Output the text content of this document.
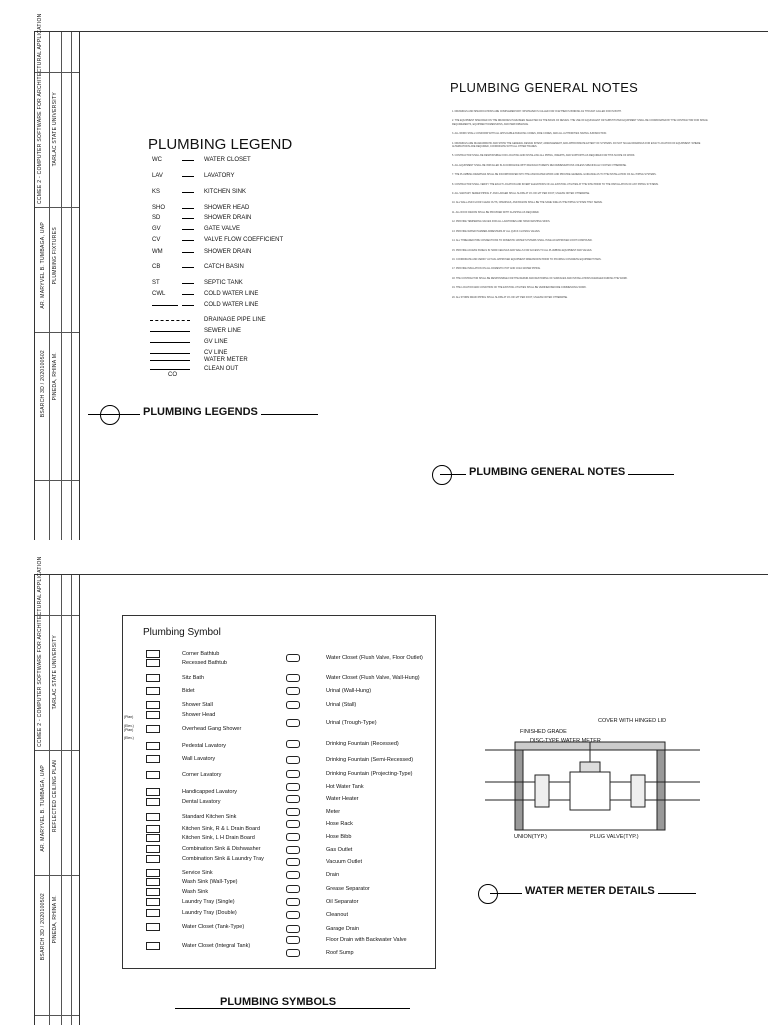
CCMEE 2 - COMPUTER SOFTWARE FOR ARCHITECTURAL APPLICATION TARLAC STATE UNIVERSITY
PLUMBING FIXTURES
AR. MARYVEL B. TUMBAGA, UAP
PINEDA, RHINA M.
BSARCH 3D / 2020100502
PLUMBING LEGEND
WC	WATER CLOSET
LAV	LAVATORY
KS	KITCHEN SINK
SHO	SHOWER HEAD
SD	SHOWER DRAIN
GV	GATE VALVE
CV	VALVE FLOW COEFFICIENT
WM	SHOWER DRAIN
CB	CATCH BASIN
ST	SEPTIC TANK
CWL	COLD WATER LINE
COLD WATER LINE
PLUMBING LEGENDS
PLUMBING GENERAL NOTES
1. DRAWINGS AND SPECIFICATIONS ARE COMPLEMENTARY. WHATEVER IS CALLED FOR IN EITHER IS BINDING AS THOUGH CALLED FOR IN BOTH.
2. THE EQUIPMENT SPECIFIED ON THE DRAWINGS HAVE BEEN SELECTED AS THE BASIS OF DESIGN. THE USE OF EQUIVALENT OR SUBSTITUTED EQUIPMENT SHALL BE COORDINATED BY THE CONTRACTOR FOR SPACE REQUIREMENTS, EQUIPMENT DIMENSIONS, AND PERFORMANCE.
3. ALL WORK SHALL CONFORM WITH ALL APPLICABLE BUILDING CODES, FIRE CODES, AND ALL AUTHORITIES HAVING JURISDICTION.
4. DRAWINGS ARE DIAGRAMMATIC AND SHOW THE GENERAL DESIGN INTENT, ARRANGEMENT, AND APPROXIMATE EXTENT OF SYSTEMS. DO NOT SCALE DRAWINGS FOR EXACT LOCATION OF EQUIPMENT. WHERE ALTERNATIONS ARE REQUIRED, COORDINATE WITH ALL OTHER TRADES.
5. CONTRACTOR SHALL BE RESPONSIBLE FOR LOCATING AND INSTALLING ALL PIPING, INSERTS, AND SUPPORTS AS REQUIRED FOR THIS SCOPE OF WORK.
6. ALL EQUIPMENT SHALL BE INSTALLED IN ACCORDANCE WITH MANUFACTURER'S RECOMMENDATIONS UNLESS SPECIFICALLY NOTED OTHERWISE.
7. THE PLUMBING DRAWINGS SHALL BE INCORPORATED INTO THE ASSOCIATED WORK AND PROVIDE GENERAL GUIDANCE AS TO THE INSTALLATION OF ALL PIPING SYSTEMS.
8. CONTRACTOR SHALL VERIFY THE EXACT LOCATION AND INVERT ELEVATIONS OF ALL EXISTING UTILITIES AT THE SITE PRIOR TO THE INSTALLATION OF ANY PIPING SYSTEMS.
9. ALL SANITARY SEWER PIPING 3" AND LARGER SHALL SLOPE AT 1% OR 1/8" PER FOOT, UNLESS NOTED OTHERWISE.
10. ALL WALL AND FLOOR CLEAN OUTS, OPENINGS, AND BASINS SHALL BE THE SAME SIZE AS THE PIPING SYSTEM THEY SERVE.
11. ALL ROOF DRAINS SHALL BE PROVIDED WITH FLASHING AS REQUIRED.
12. PROVIDE TEMPERING VALVES FOR ALL LAVATORIES AND HAND WASHING SINKS.
13. PROVIDE WATER HAMMER ARRESTERS AT ALL QUICK CLOSING VALVES.
14. ALL THREADED PIPE CONNECTIONS TO DOMESTIC WATER SYSTEMS SHALL HAVE AN APPROVED JOINT COMPOUND.
15. PROVIDE ACCESS PANELS IN HARD CEILINGS AND WALLS FOR ACCESS TO ALL PLUMBING EQUIPMENT AND VALVES.
16. COORDINATE AND VERIFY ACTUAL APPROVED EQUIPMENT DIMENSIONS PRIOR TO POURING CONCRETE EQUIPMENT PADS.
17. PROVIDE INSULATION ON ALL DOMESTIC HOT AND COLD WATER PIPING.
18. THE CONTRACTOR SHALL BE RESPONSIBLE FOR THE REPAIR AND RESTORING OF SURFACES AND INSTALLATIONS DAMAGED DURING THE WORK.
19. THE LOCATION AND CONDITION OF THE EXISTING UTILITIES SHALL BE VERIFIED BEFORE COMMENCING WORK.
20. ALL STORM DRAIN PIPING SHALL SLOPE AT 1% OR 1/8" PER FOOT, UNLESS NOTED OTHERWISE.
PLUMBING GENERAL NOTES
CCMEE 2 - COMPUTER SOFTWARE FOR ARCHITECTURAL APPLICATION TARLAC STATE UNIVERSITY
REFLECTED CEILING PLAN
AR. MARYVEL B. TUMBAGA, UAP
PINEDA, RHINA M.
BSARCH 3D / 2020100502
Plumbing Symbol
Corner Bathtub
Recessed Bathtub
Sitz Bath
Bidet
Shower Stall
Shower Head
Overhead Gang Shower
Pedestal Lavatory
Wall Lavatory
Corner Lavatory
Handicapped Lavatory
Dental Lavatory
Standard Kitchen Sink
Kitchen Sink, R & L Drain Board
Kitchen Sink, L H Drain Board
Combination Sink & Dishwasher
Combination Sink & Laundry Tray
Service Sink
Wash Sink (Wall-Type)
Wash Sink
Laundry Tray (Single)
Laundry Tray (Double)
Water Closet (Tank-Type)
Water Closet (Integral Tank)
Water Closet (Flush Valve, Floor Outlet)
Water Closet (Flush Valve, Wall-Hung)
Urinal (Wall-Hung)
Urinal (Stall)
Urinal (Trough-Type)
Drinking Fountain (Recessed)
Drinking Fountain (Semi-Recessed)
Drinking Fountain (Projecting-Type)
Hot Water Tank
Water Heater
Meter
Hose Rack
Hose Bibb
Gas Outlet
Vacuum Outlet
Drain
Grease Separator
Oil Separator
Cleanout
Garage Drain
Floor Drain with Backwater Valve
Roof Sump
(Plan)
(Elev.)
(Plan)
(Elev.)
PLUMBING SYMBOLS
COVER WITH HINGED LID
FINISHED GRADE
DISC-TYPE WATER METER
UNION(TYP.)	PLUG VALVE(TYP.)
WATER METER DETAILS
DRAINAGE PIPE LINE
SEWER LINE
GV LINE
CV LINE
WATER METER
CLEAN OUT
CO
